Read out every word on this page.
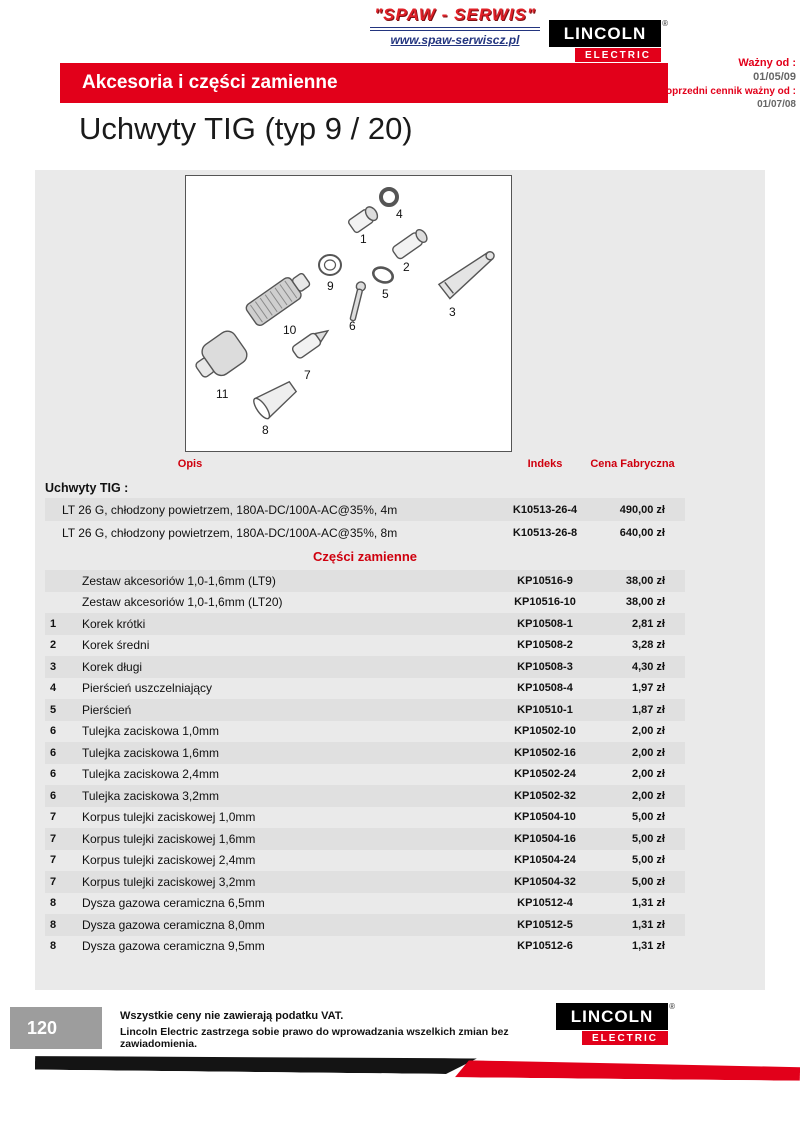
"SPAW - SERWIS"
www.spaw-serwiscz.pl	LINCOLN
®
ELECTRIC
Akcesoria i części zamienne
Ważny od :
01/05/09
Poprzedni cennik ważny od :
01/07/08
Uchwyty TIG (typ 9 / 20)
1
2
3
4
5
6
7
8
9
10
11
Opis	Indeks	Cena Fabryczna
Uchwyty TIG :
LT 26 G, chłodzony powietrzem, 180A-DC/100A-AC@35%, 4m	K10513-26-4	490,00 zł
LT 26 G, chłodzony powietrzem, 180A-DC/100A-AC@35%, 8m	K10513-26-8	640,00 zł
Części zamienne
Zestaw akcesoriów 1,0-1,6mm (LT9)	KP10516-9	38,00 zł
Zestaw akcesoriów 1,0-1,6mm (LT20)	KP10516-10	38,00 zł
1	Korek krótki	KP10508-1	2,81 zł
2	Korek średni	KP10508-2	3,28 zł
3	Korek długi	KP10508-3	4,30 zł
4	Pierścień uszczelniający	KP10508-4	1,97 zł
5	Pierścień	KP10510-1	1,87 zł
6	Tulejka zaciskowa 1,0mm	KP10502-10	2,00 zł
6	Tulejka zaciskowa 1,6mm	KP10502-16	2,00 zł
6	Tulejka zaciskowa 2,4mm	KP10502-24	2,00 zł
6	Tulejka zaciskowa 3,2mm	KP10502-32	2,00 zł
7	Korpus tulejki zaciskowej 1,0mm	KP10504-10	5,00 zł
7	Korpus tulejki zaciskowej 1,6mm	KP10504-16	5,00 zł
7	Korpus tulejki zaciskowej 2,4mm	KP10504-24	5,00 zł
7	Korpus tulejki zaciskowej 3,2mm	KP10504-32	5,00 zł
8	Dysza gazowa ceramiczna 6,5mm	KP10512-4	1,31 zł
8	Dysza gazowa ceramiczna 8,0mm	KP10512-5	1,31 zł
8	Dysza gazowa ceramiczna 9,5mm	KP10512-6	1,31 zł
120
Wszystkie ceny nie zawierają podatku VAT.
Lincoln Electric zastrzega sobie prawo do wprowadzania wszelkich zmian bez zawiadomienia.
LINCOLN
®
ELECTRIC
